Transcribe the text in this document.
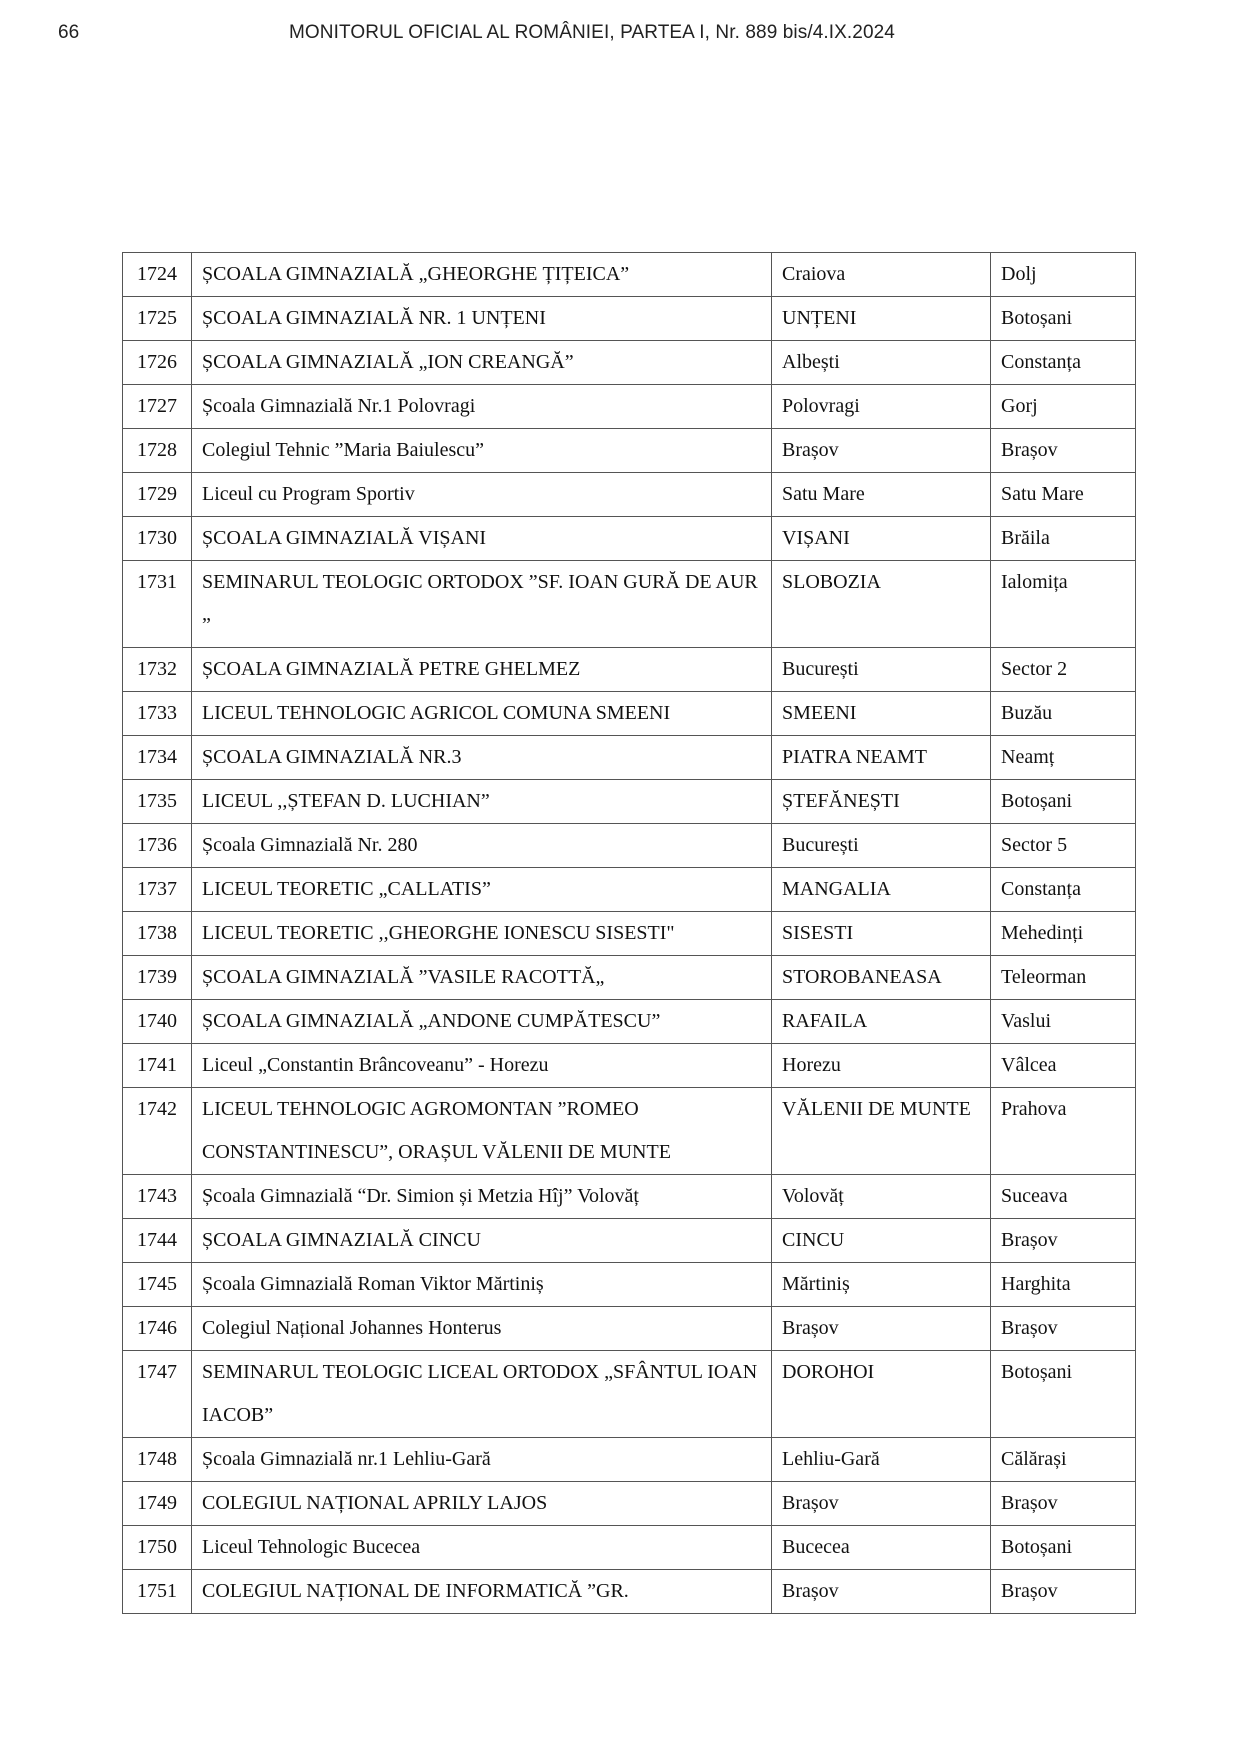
66	MONITORUL OFICIAL AL ROMÂNIEI, PARTEA I, Nr. 889 bis/4.IX.2024
1724	ȘCOALA GIMNAZIALĂ „GHEORGHE ȚIȚEICA”	Craiova	Dolj
1725	ȘCOALA GIMNAZIALĂ NR. 1 UNȚENI	UNȚENI	Botoșani
1726	ȘCOALA GIMNAZIALĂ „ION CREANGĂ”	Albești	Constanța
1727	Școala Gimnazială Nr.1 Polovragi	Polovragi	Gorj
1728	Colegiul Tehnic ”Maria Baiulescu”	Brașov	Brașov
1729	Liceul cu Program Sportiv	Satu Mare	Satu Mare
1730	ȘCOALA GIMNAZIALĂ VIȘANI	VIȘANI	Brăila
1731	SEMINARUL TEOLOGIC ORTODOX ”SF. IOAN GURĂ DE AUR ”	SLOBOZIA	Ialomița
1732	ȘCOALA GIMNAZIALĂ PETRE GHELMEZ	București	Sector 2
1733	LICEUL TEHNOLOGIC AGRICOL COMUNA SMEENI	SMEENI	Buzău
1734	ȘCOALA GIMNAZIALĂ NR.3	PIATRA NEAMT	Neamț
1735	LICEUL ,,ȘTEFAN D. LUCHIAN”	ȘTEFĂNEȘTI	Botoșani
1736	Școala Gimnazială Nr. 280	București	Sector 5
1737	LICEUL TEORETIC „CALLATIS”	MANGALIA	Constanța
1738	LICEUL TEORETIC ,,GHEORGHE IONESCU SISESTI"	SISESTI	Mehedinți
1739	ȘCOALA GIMNAZIALĂ ”VASILE RACOTTĂ„	STOROBANEASA	Teleorman
1740	ȘCOALA GIMNAZIALĂ „ANDONE CUMPĂTESCU”	RAFAILA	Vaslui
1741	Liceul „Constantin Brâncoveanu” - Horezu	Horezu	Vâlcea
1742	LICEUL TEHNOLOGIC AGROMONTAN ”ROMEO CONSTANTINESCU”, ORAȘUL VĂLENII DE MUNTE	VĂLENII DE MUNTE	Prahova
1743	Școala Gimnazială “Dr. Simion și Metzia Hîj” Volovăț	Volovăț	Suceava
1744	ȘCOALA GIMNAZIALĂ CINCU	CINCU	Brașov
1745	Școala Gimnazială Roman Viktor Mărtiniș	Mărtiniș	Harghita
1746	Colegiul Național Johannes Honterus	Brașov	Brașov
1747	SEMINARUL TEOLOGIC LICEAL ORTODOX „SFÂNTUL IOAN IACOB”	DOROHOI	Botoșani
1748	Școala Gimnazială nr.1 Lehliu-Gară	Lehliu-Gară	Călărași
1749	COLEGIUL NAȚIONAL APRILY LAJOS	Brașov	Brașov
1750	Liceul Tehnologic Bucecea	Bucecea	Botoșani
1751	COLEGIUL NAȚIONAL DE INFORMATICĂ ”GR.	Brașov	Brașov
